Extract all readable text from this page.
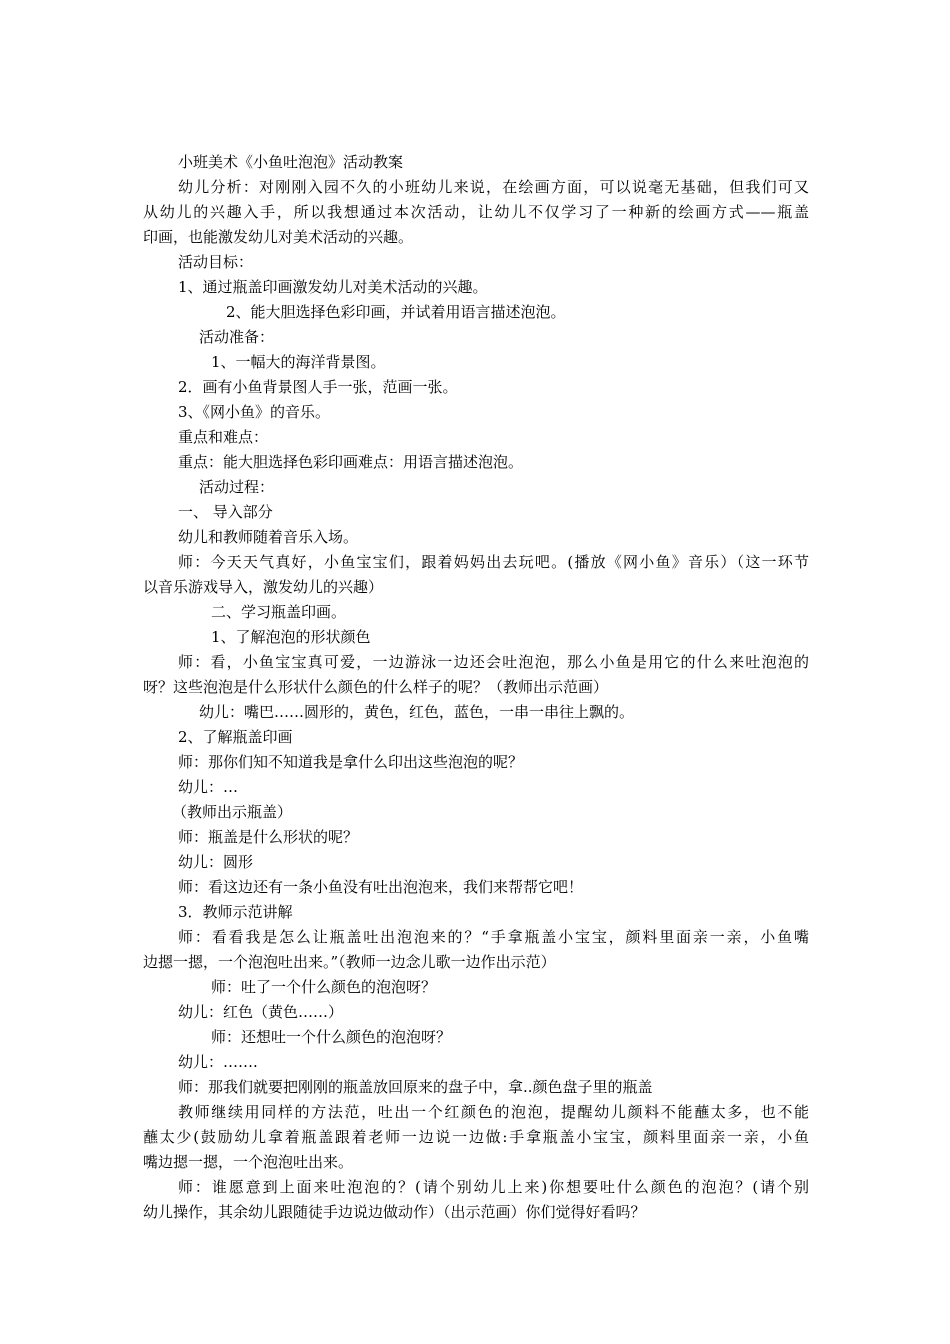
小班美术《小鱼吐泡泡》活动教案
幼儿分析：对刚刚入园不久的小班幼儿来说，在绘画方面，可以说毫无基础，但我们可又
从幼儿的兴趣入手，所以我想通过本次活动，让幼儿不仅学习了一种新的绘画方式——瓶盖
印画，也能激发幼儿对美术活动的兴趣。
活动目标：
1、通过瓶盖印画激发幼儿对美术活动的兴趣。
2、能大胆选择色彩印画，并试着用语言描述泡泡。
活动准备：
1、一幅大的海洋背景图。
2．画有小鱼背景图人手一张，范画一张。
3、《网小鱼》的音乐。
重点和难点：
重点：能大胆选择色彩印画难点：用语言描述泡泡。
活动过程：
一、 导入部分
幼儿和教师随着音乐入场。
师：今天天气真好，小鱼宝宝们，跟着妈妈出去玩吧。(播放《网小鱼》音乐）（这一环节
以音乐游戏导入，激发幼儿的兴趣）
二、学习瓶盖印画。
1、了解泡泡的形状颜色
师：看，小鱼宝宝真可爱，一边游泳一边还会吐泡泡，那么小鱼是用它的什么来吐泡泡的
呀？这些泡泡是什么形状什么颜色的什么样子的呢？（教师出示范画）
幼儿：嘴巴……圆形的，黄色，红色，蓝色，一串一串往上飘的。
2、了解瓶盖印画
师：那你们知不知道我是拿什么印出这些泡泡的呢？
幼儿：…
（教师出示瓶盖）
师：瓶盖是什么形状的呢？
幼儿：圆形
师：看这边还有一条小鱼没有吐出泡泡来，我们来帮帮它吧！
3．教师示范讲解
师：看看我是怎么让瓶盖吐出泡泡来的？“手拿瓶盖小宝宝，颜料里面亲一亲，小鱼嘴
边摁一摁，一个泡泡吐出来。”（教师一边念儿歌一边作出示范）
师：吐了一个什么颜色的泡泡呀？
幼儿：红色（黄色……）
师：还想吐一个什么颜色的泡泡呀？
幼儿：…….
师：那我们就要把刚刚的瓶盖放回原来的盘子中，拿..颜色盘子里的瓶盖
教师继续用同样的方法范，吐出一个红颜色的泡泡，提醒幼儿颜料不能蘸太多，也不能
蘸太少(鼓励幼儿拿着瓶盖跟着老师一边说一边做:手拿瓶盖小宝宝，颜料里面亲一亲，小鱼
嘴边摁一摁，一个泡泡吐出来。
师：谁愿意到上面来吐泡泡的？(请个别幼儿上来)你想要吐什么颜色的泡泡？(请个别
幼儿操作，其余幼儿跟随徒手边说边做动作）（出示范画）你们觉得好看吗？
